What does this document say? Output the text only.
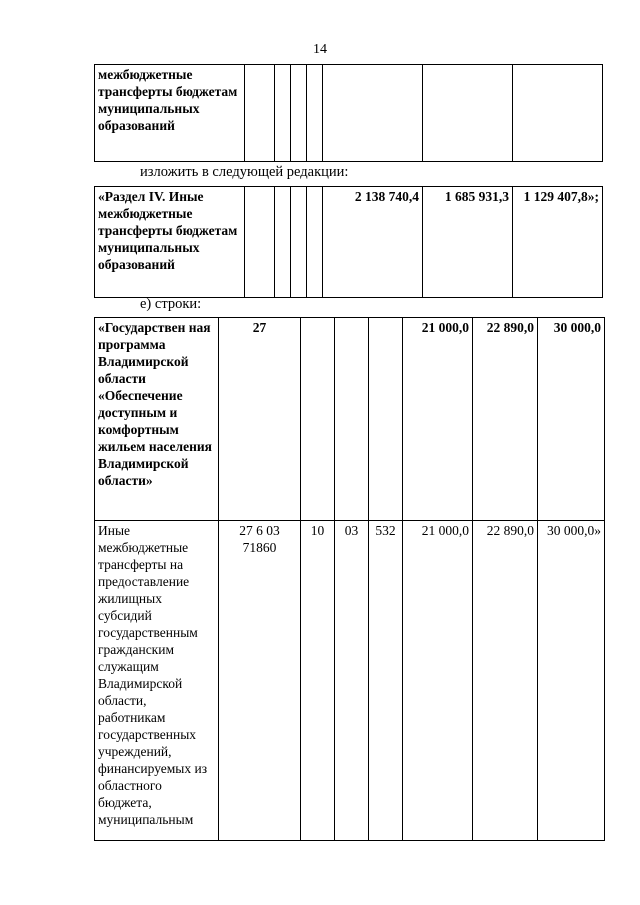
14
межбюджетные трансферты бюджетам муниципальных образований							
изложить в следующей редакции:
«Раздел IV. Иные межбюджетные трансферты бюджетам муниципальных образований					2 138 740,4	1 685 931,3	1 129 407,8»;
е) строки:
«Государствен ная программа Владимирской области «Обеспечение доступным и комфортным жильем населения Владимирской области»	27				21 000,0	22 890,0	30 000,0
Иные межбюджетные трансферты на предоставление жилищных субсидий государственным гражданским служащим Владимирской области, работникам государственных учреждений, финансируемых из областного бюджета, муниципальным	27 6 03 71860	10	03	532	21 000,0	22 890,0	30 000,0»
